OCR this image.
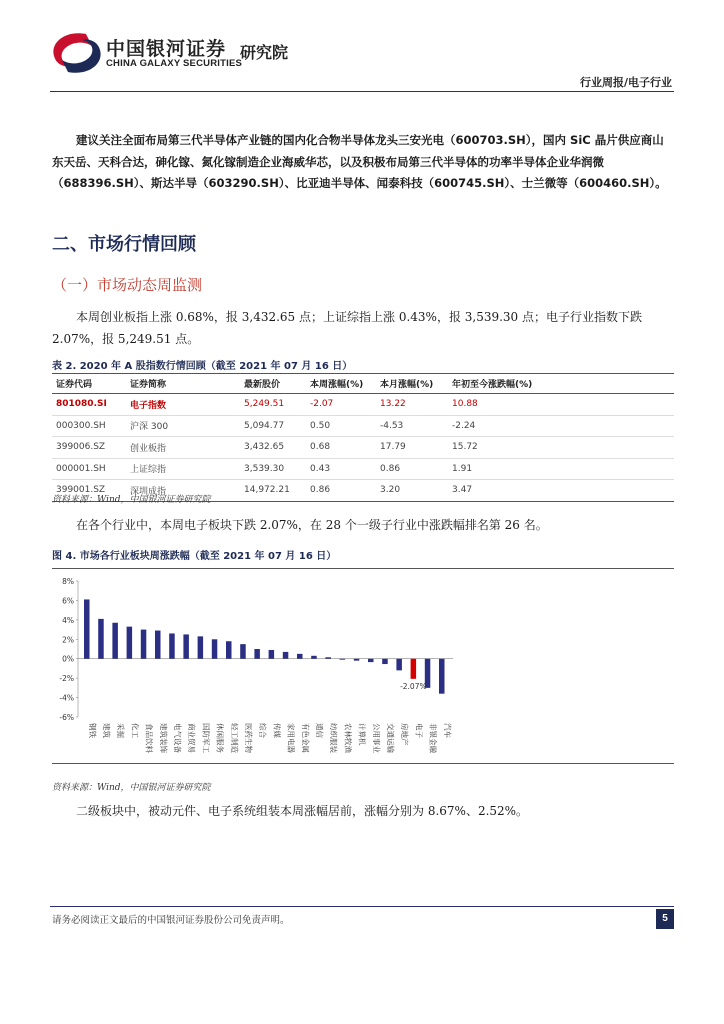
中国银河证券
CHINA GALAXY SECURITIES
研究院
行业周报/电子行业

建议关注全面布局第三代半导体产业链的国内化合物半导体龙头三安光电（600703.SH），国内 SiC 晶片供应商山东天岳、天科合达，砷化镓、氮化镓制造企业海威华芯，以及积极布局第三代半导体的功率半导体企业华润微（688396.SH）、斯达半导（603290.SH）、比亚迪半导体、闻泰科技（600745.SH）、士兰微等（600460.SH）。

二、市场行情回顾
（一）市场动态周监测

本周创业板指上涨 0.68%，报 3,432.65 点；上证综指上涨 0.43%，报 3,539.30 点；电子行业指数下跌 2.07%，报 5,249.51 点。

表 2. 2020 年 A 股指数行情回顾（截至 2021 年 07 月 16 日）
证券代码	证券简称	最新股价	本周涨幅(%)	本月涨幅(%)	年初至今涨跌幅(%)
801080.SI	电子指数	5,249.51	-2.07	13.22	10.88
000300.SH	沪深 300	5,094.77	0.50	-4.53	-2.24
399006.SZ	创业板指	3,432.65	0.68	17.79	15.72
000001.SH	上证综指	3,539.30	0.43	0.86	1.91
399001.SZ	深圳成指	14,972.21	0.86	3.20	3.47
资料来源：Wind，中国银河证券研究院

在各个行业中，本周电子板块下跌 2.07%，在 28 个一级子行业中涨跌幅排名第 26 名。

图 4. 市场各行业板块周涨跌幅（截至 2021 年 07 月 16 日）
8%
6%
4%
2%
0%
-2%
-4%
-6%
钢铁 建筑 采掘 化工 食品饮料 建筑装饰 电气设备 商业贸易 国防军工 休闲服务 轻工制造 医药生物 综合 传媒 家用电器 有色金属 通信 纺织服装 农林牧渔 计算机 公用事业 交通运输 房地产 电子 非银金融 汽车
-2.07%
资料来源：Wind，中国银河证券研究院

二级板块中，被动元件、电子系统组装本周涨幅居前，涨幅分别为 8.67%、2.52%。

请务必阅读正文最后的中国银河证券股份公司免责声明。	5
